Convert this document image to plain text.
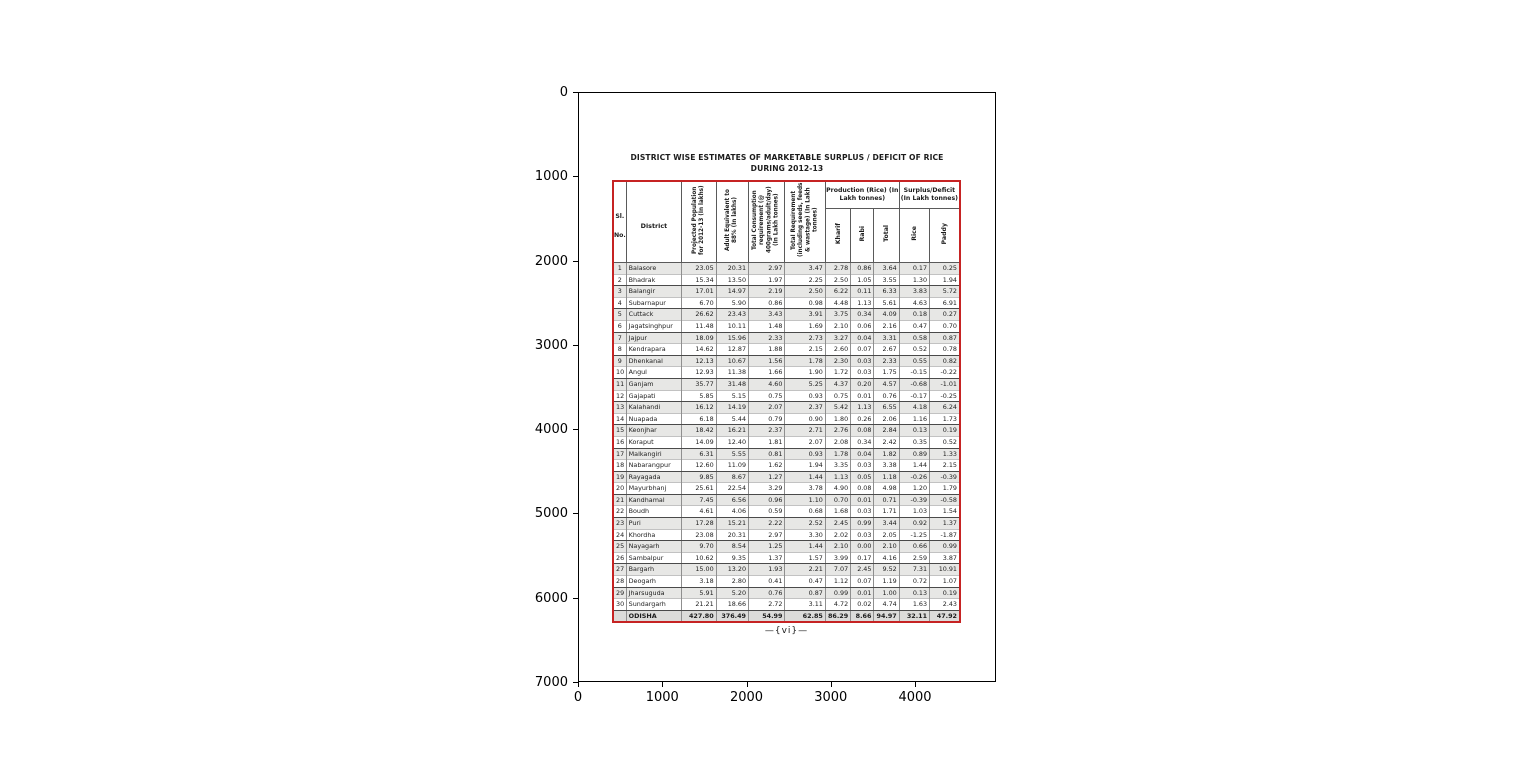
0
1000
2000
3000
4000
5000
6000
7000
0	1000	2000	3000	4000
DISTRICT WISE ESTIMATES OF MARKETABLE SURPLUS / DEFICIT OF RICE
DURING 2012-13
Sl. No.	District	Projected Population for 2012-13 (In lakhs)	Adult Equivalent to 88% (In lakhs)	Total Consumption requirement (@ 400grams/adult/day) (In Lakh tonnes)	Total Requirement (including seeds, feeds & wastage) (In Lakh tonnes)	Production (Rice) (In Lakh tonnes)			Surplus/Deficit (In Lakh tonnes)	
						Kharif	Rabi	Total	Rice	Paddy
1	Balasore	23.05	20.31	2.97	3.47	2.78	0.86	3.64	0.17	0.25
2	Bhadrak	15.34	13.50	1.97	2.25	2.50	1.05	3.55	1.30	1.94
3	Balangir	17.01	14.97	2.19	2.50	6.22	0.11	6.33	3.83	5.72
4	Subarnapur	6.70	5.90	0.86	0.98	4.48	1.13	5.61	4.63	6.91
5	Cuttack	26.62	23.43	3.43	3.91	3.75	0.34	4.09	0.18	0.27
6	Jagatsinghpur	11.48	10.11	1.48	1.69	2.10	0.06	2.16	0.47	0.70
7	Jajpur	18.09	15.96	2.33	2.73	3.27	0.04	3.31	0.58	0.87
8	Kendrapara	14.62	12.87	1.88	2.15	2.60	0.07	2.67	0.52	0.78
9	Dhenkanal	12.13	10.67	1.56	1.78	2.30	0.03	2.33	0.55	0.82
10	Angul	12.93	11.38	1.66	1.90	1.72	0.03	1.75	-0.15	-0.22
11	Ganjam	35.77	31.48	4.60	5.25	4.37	0.20	4.57	-0.68	-1.01
12	Gajapati	5.85	5.15	0.75	0.93	0.75	0.01	0.76	-0.17	-0.25
13	Kalahandi	16.12	14.19	2.07	2.37	5.42	1.13	6.55	4.18	6.24
14	Nuapada	6.18	5.44	0.79	0.90	1.80	0.26	2.06	1.16	1.73
15	Keonjhar	18.42	16.21	2.37	2.71	2.76	0.08	2.84	0.13	0.19
16	Koraput	14.09	12.40	1.81	2.07	2.08	0.34	2.42	0.35	0.52
17	Malkangiri	6.31	5.55	0.81	0.93	1.78	0.04	1.82	0.89	1.33
18	Nabarangpur	12.60	11.09	1.62	1.94	3.35	0.03	3.38	1.44	2.15
19	Rayagada	9.85	8.67	1.27	1.44	1.13	0.05	1.18	-0.26	-0.39
20	Mayurbhanj	25.61	22.54	3.29	3.78	4.90	0.08	4.98	1.20	1.79
21	Kandhamal	7.45	6.56	0.96	1.10	0.70	0.01	0.71	-0.39	-0.58
22	Boudh	4.61	4.06	0.59	0.68	1.68	0.03	1.71	1.03	1.54
23	Puri	17.28	15.21	2.22	2.52	2.45	0.99	3.44	0.92	1.37
24	Khordha	23.08	20.31	2.97	3.30	2.02	0.03	2.05	-1.25	-1.87
25	Nayagarh	9.70	8.54	1.25	1.44	2.10	0.00	2.10	0.66	0.99
26	Sambalpur	10.62	9.35	1.37	1.57	3.99	0.17	4.16	2.59	3.87
27	Bargarh	15.00	13.20	1.93	2.21	7.07	2.45	9.52	7.31	10.91
28	Deogarh	3.18	2.80	0.41	0.47	1.12	0.07	1.19	0.72	1.07
29	Jharsuguda	5.91	5.20	0.76	0.87	0.99	0.01	1.00	0.13	0.19
30	Sundargarh	21.21	18.66	2.72	3.11	4.72	0.02	4.74	1.63	2.43
	ODISHA	427.80	376.49	54.99	62.85	86.29	8.66	94.97	32.11	47.92
—{vi}—
